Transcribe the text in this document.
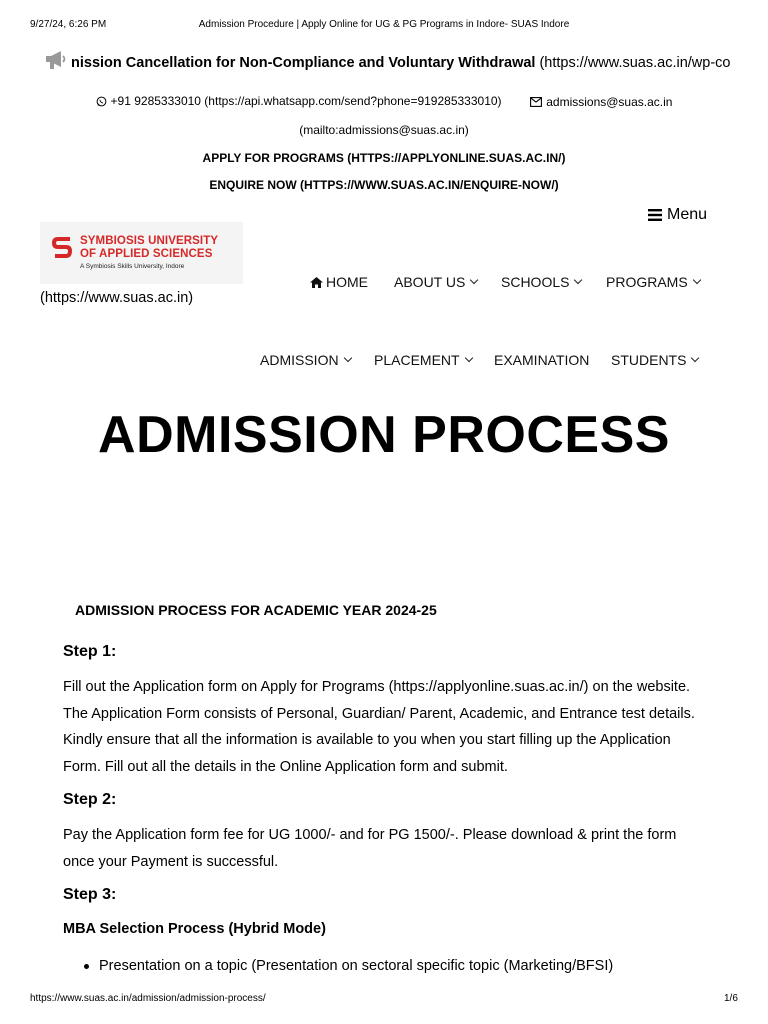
9/27/24, 6:26 PM	Admission Procedure | Apply Online for UG & PG Programs in Indore- SUAS Indore
nission Cancellation for Non-Compliance and Voluntary Withdrawal (https://www.suas.ac.in/wp-co
+91 9285333010 (https://api.whatsapp.com/send?phone=919285333010)
	admissions@suas.ac.in
(mailto:admissions@suas.ac.in)
APPLY FOR PROGRAMS (HTTPS://APPLYONLINE.SUAS.AC.IN/)
ENQUIRE NOW (HTTPS://WWW.SUAS.AC.IN/ENQUIRE-NOW/)
Menu
SYMBIOSIS UNIVERSITY
OF APPLIED SCIENCES
A Symbiosis Skills University, Indore
(https://www.suas.ac.in)
HOME ABOUT US	SCHOOLS	PROGRAMS
ADMISSION	PLACEMENT EXAMINATION STUDENTS
ADMISSION PROCESS
ADMISSION PROCESS FOR ACADEMIC YEAR 2024-25
Step 1:
Fill out the Application form on Apply for Programs (https://applyonline.suas.ac.in/) on the website.
The Application Form consists of Personal, Guardian/ Parent, Academic, and Entrance test details.
Kindly ensure that all the information is available to you when you start filling up the Application
Form. Fill out all the details in the Online Application form and submit.
Step 2:
Pay the Application form fee for UG 1000/- and for PG 1500/-. Please download & print the form
once your Payment is successful.
Step 3:
MBA Selection Process (Hybrid Mode)
Presentation on a topic (Presentation on sectoral specific topic (Marketing/BFSI)
https://www.suas.ac.in/admission/admission-process/	1/6
